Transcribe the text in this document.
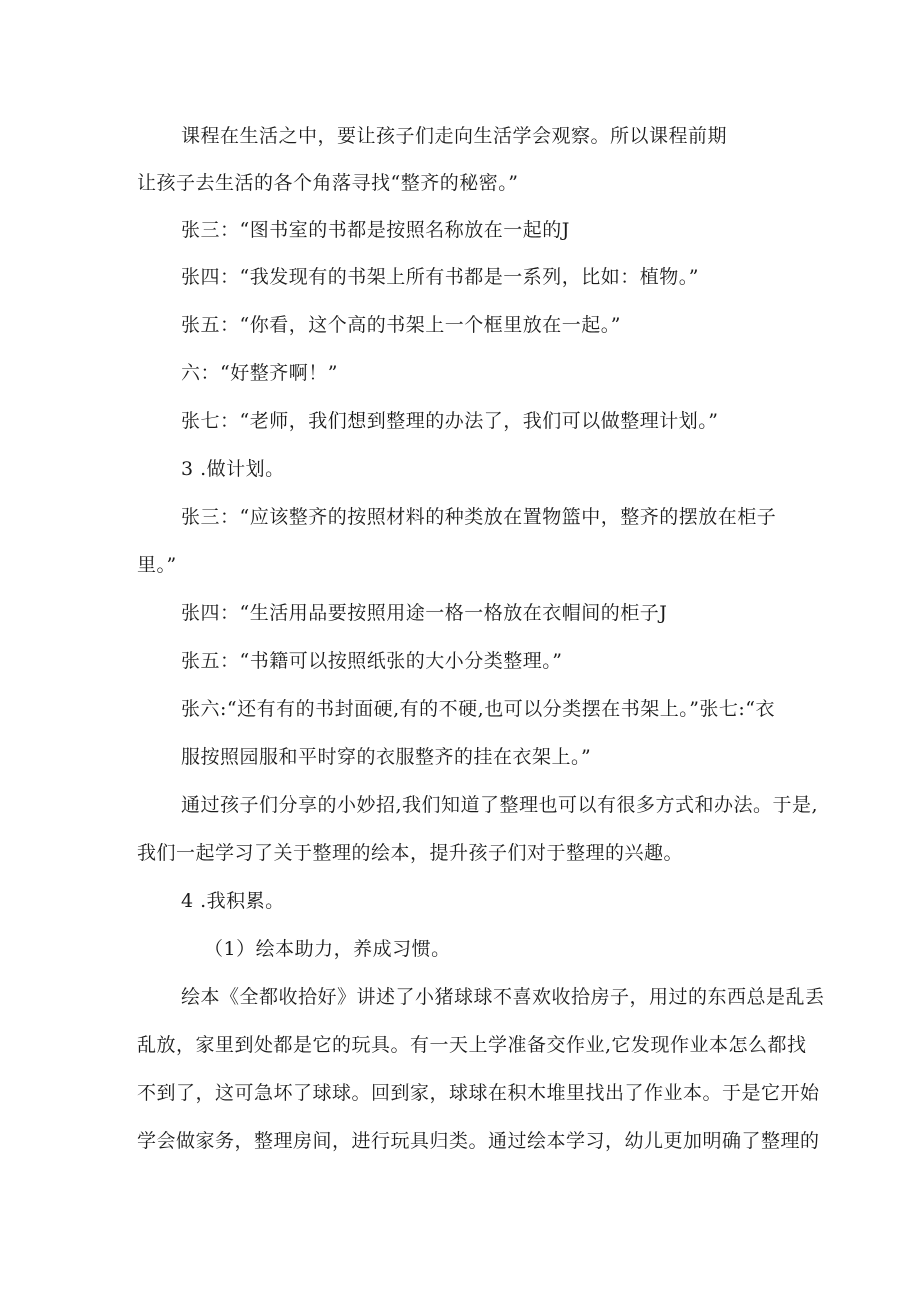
课程在生活之中，要让孩子们走向生活学会观察。所以课程前期
让孩子去生活的各个角落寻找“整齐的秘密。”
张三：“图书室的书都是按照名称放在一起的J
张四：“我发现有的书架上所有书都是一系列，比如：植物。”
张五：“你看，这个高的书架上一个框里放在一起。”
六：“好整齐啊！”
张七：“老师，我们想到整理的办法了，我们可以做整理计划。”
3 .做计划。
张三：“应该整齐的按照材料的种类放在置物篮中，整齐的摆放在柜子
里。”
张四：“生活用品要按照用途一格一格放在衣帽间的柜子J
张五：“书籍可以按照纸张的大小分类整理。”
张六:“还有有的书封面硬,有的不硬,也可以分类摆在书架上。”张七:“衣
服按照园服和平时穿的衣服整齐的挂在衣架上。”
通过孩子们分享的小妙招,我们知道了整理也可以有很多方式和办法。于是,
我们一起学习了关于整理的绘本，提升孩子们对于整理的兴趣。
4 .我积累。
（1）绘本助力，养成习惯。
绘本《全都收拾好》讲述了小猪球球不喜欢收拾房子，用过的东西总是乱丢
乱放，家里到处都是它的玩具。有一天上学准备交作业,它发现作业本怎么都找
不到了，这可急坏了球球。回到家，球球在积木堆里找出了作业本。于是它开始
学会做家务，整理房间，进行玩具归类。通过绘本学习，幼儿更加明确了整理的
